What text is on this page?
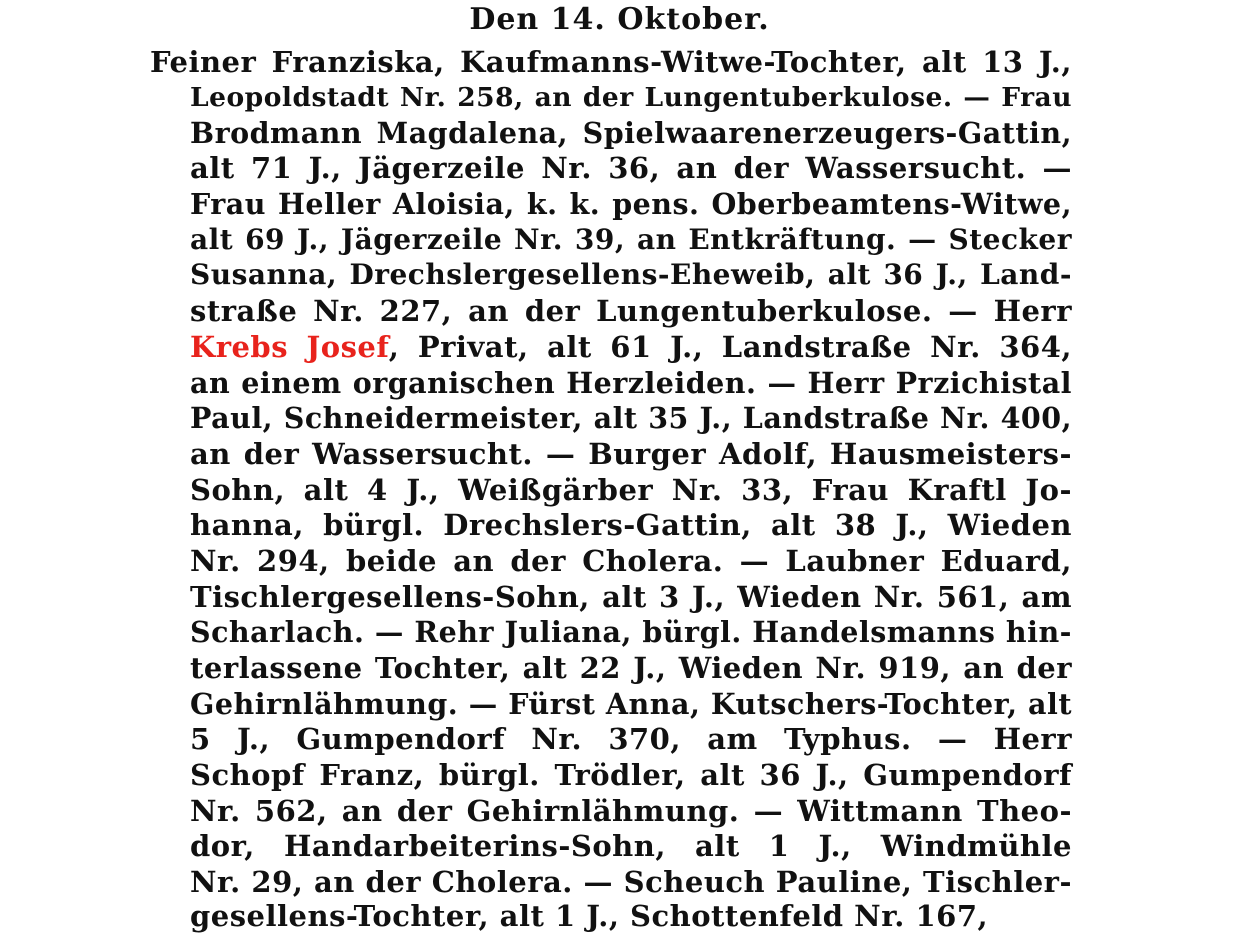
Den 14. Oktober.
Feiner Franziska, Kaufmanns-Witwe-Tochter, alt 13 J.,
Leopoldstadt Nr. 258, an der Lungentuberkulose. — Frau
Brodmann Magdalena, Spielwaarenerzeugers-Gattin,
alt 71 J., Jägerzeile Nr. 36, an der Wassersucht. —
Frau Heller Aloisia, k. k. pens. Oberbeamtens-Witwe,
alt 69 J., Jägerzeile Nr. 39, an Entkräftung. — Stecker
Susanna, Drechslergesellens-Eheweib, alt 36 J., Land-
straße Nr. 227, an der Lungentuberkulose. — Herr
Krebs Josef, Privat, alt 61 J., Landstraße Nr. 364,
an einem organischen Herzleiden. — Herr Przichistal
Paul, Schneidermeister, alt 35 J., Landstraße Nr. 400,
an der Wassersucht. — Burger Adolf, Hausmeisters-
Sohn, alt 4 J., Weißgärber Nr. 33, Frau Kraftl Jo-
hanna, bürgl. Drechslers-Gattin, alt 38 J., Wieden
Nr. 294, beide an der Cholera. — Laubner Eduard,
Tischlergesellens-Sohn, alt 3 J., Wieden Nr. 561, am
Scharlach. — Rehr Juliana, bürgl. Handelsmanns hin-
terlassene Tochter, alt 22 J., Wieden Nr. 919, an der
Gehirnlähmung. — Fürst Anna, Kutschers-Tochter, alt
5 J., Gumpendorf Nr. 370, am Typhus. — Herr
Schopf Franz, bürgl. Trödler, alt 36 J., Gumpendorf
Nr. 562, an der Gehirnlähmung. — Wittmann Theo-
dor, Handarbeiterins-Sohn, alt 1 J., Windmühle
Nr. 29, an der Cholera. — Scheuch Pauline, Tischler-
gesellens-Tochter, alt 1 J., Schottenfeld Nr. 167,
